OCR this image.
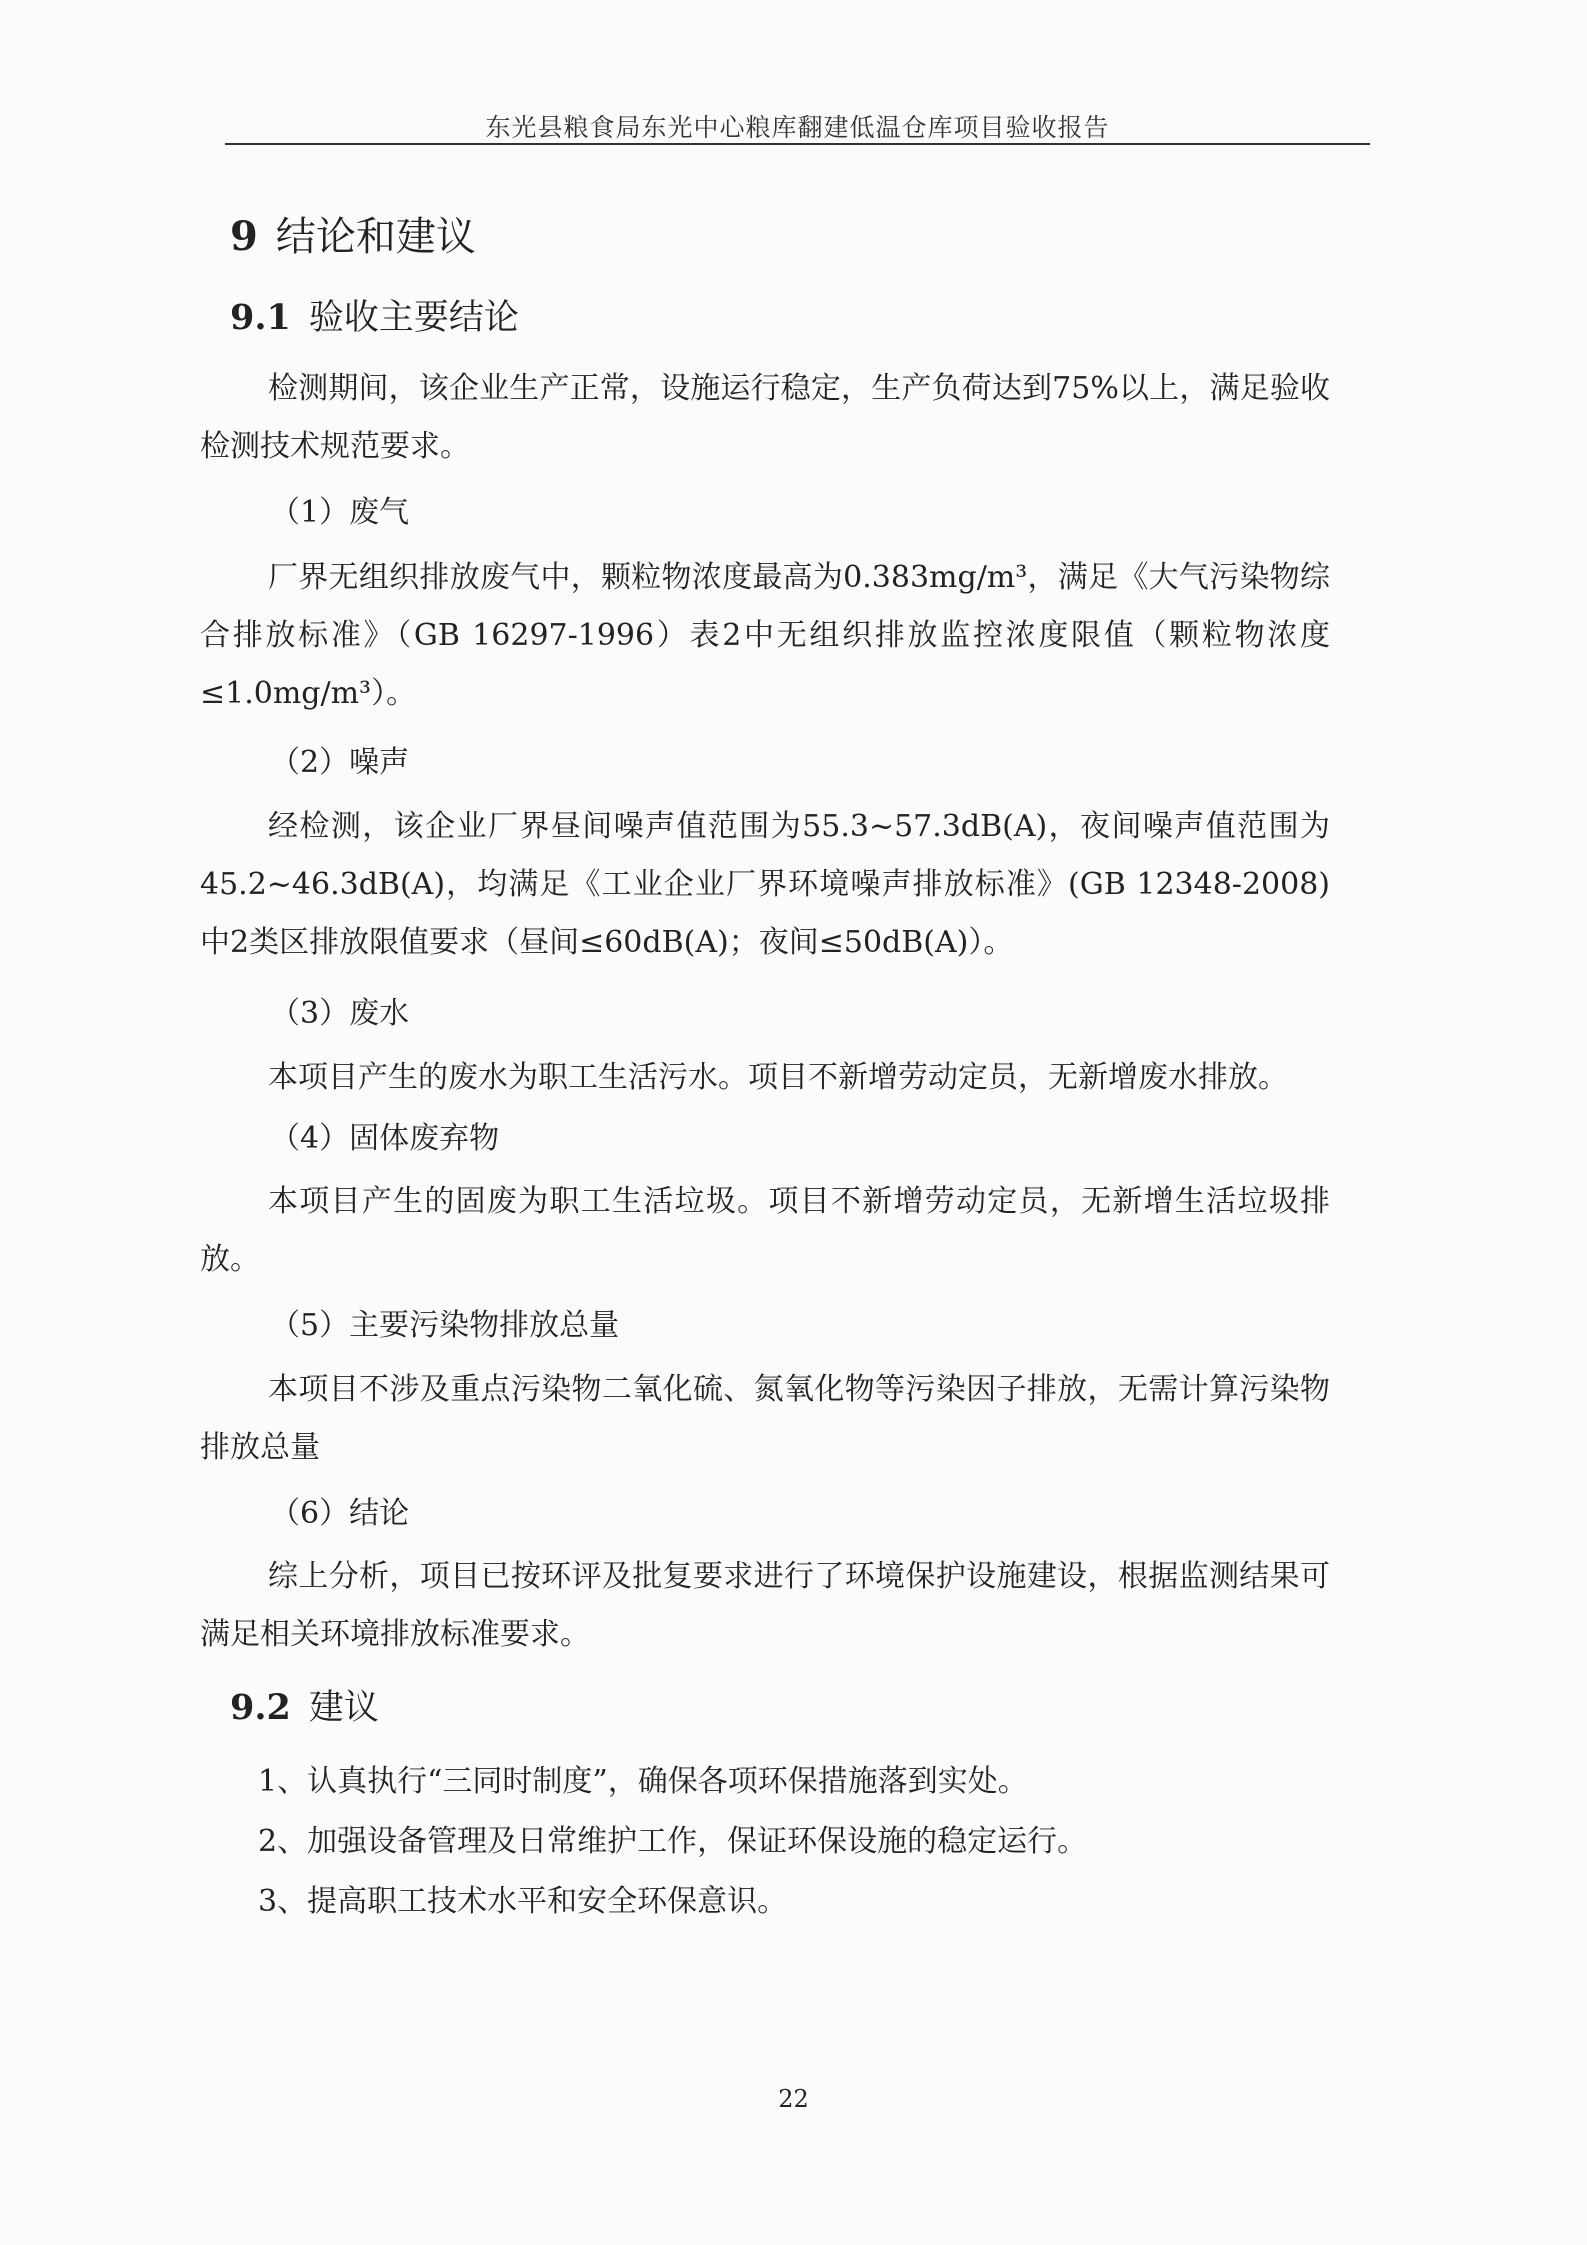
东光县粮食局东光中心粮库翻建低温仓库项目验收报告
9 结论和建议
9.1 验收主要结论

检测期间，该企业生产正常，设施运行稳定，生产负荷达到75%以上，满足验收检测技术规范要求。

（1）废气

厂界无组织排放废气中，颗粒物浓度最高为0.383mg/m³，满足《大气污染物综合排放标准》（GB 16297-1996）表2中无组织排放监控浓度限值（颗粒物浓度≤1.0mg/m³）。

（2）噪声

经检测，该企业厂界昼间噪声值范围为55.3~57.3dB(A)，夜间噪声值范围为45.2~46.3dB(A)，均满足《工业企业厂界环境噪声排放标准》(GB 12348-2008) 中2类区排放限值要求（昼间≤60dB(A)；夜间≤50dB(A)）。

（3）废水

本项目产生的废水为职工生活污水。项目不新增劳动定员，无新增废水排放。

（4）固体废弃物

本项目产生的固废为职工生活垃圾。项目不新增劳动定员，无新增生活垃圾排放。

（5）主要污染物排放总量

本项目不涉及重点污染物二氧化硫、氮氧化物等污染因子排放，无需计算污染物排放总量

（6）结论

综上分析，项目已按环评及批复要求进行了环境保护设施建设，根据监测结果可满足相关环境排放标准要求。

9.2 建议

1、认真执行“三同时制度”，确保各项环保措施落到实处。

2、加强设备管理及日常维护工作，保证环保设施的稳定运行。

3、提高职工技术水平和安全环保意识。

22
